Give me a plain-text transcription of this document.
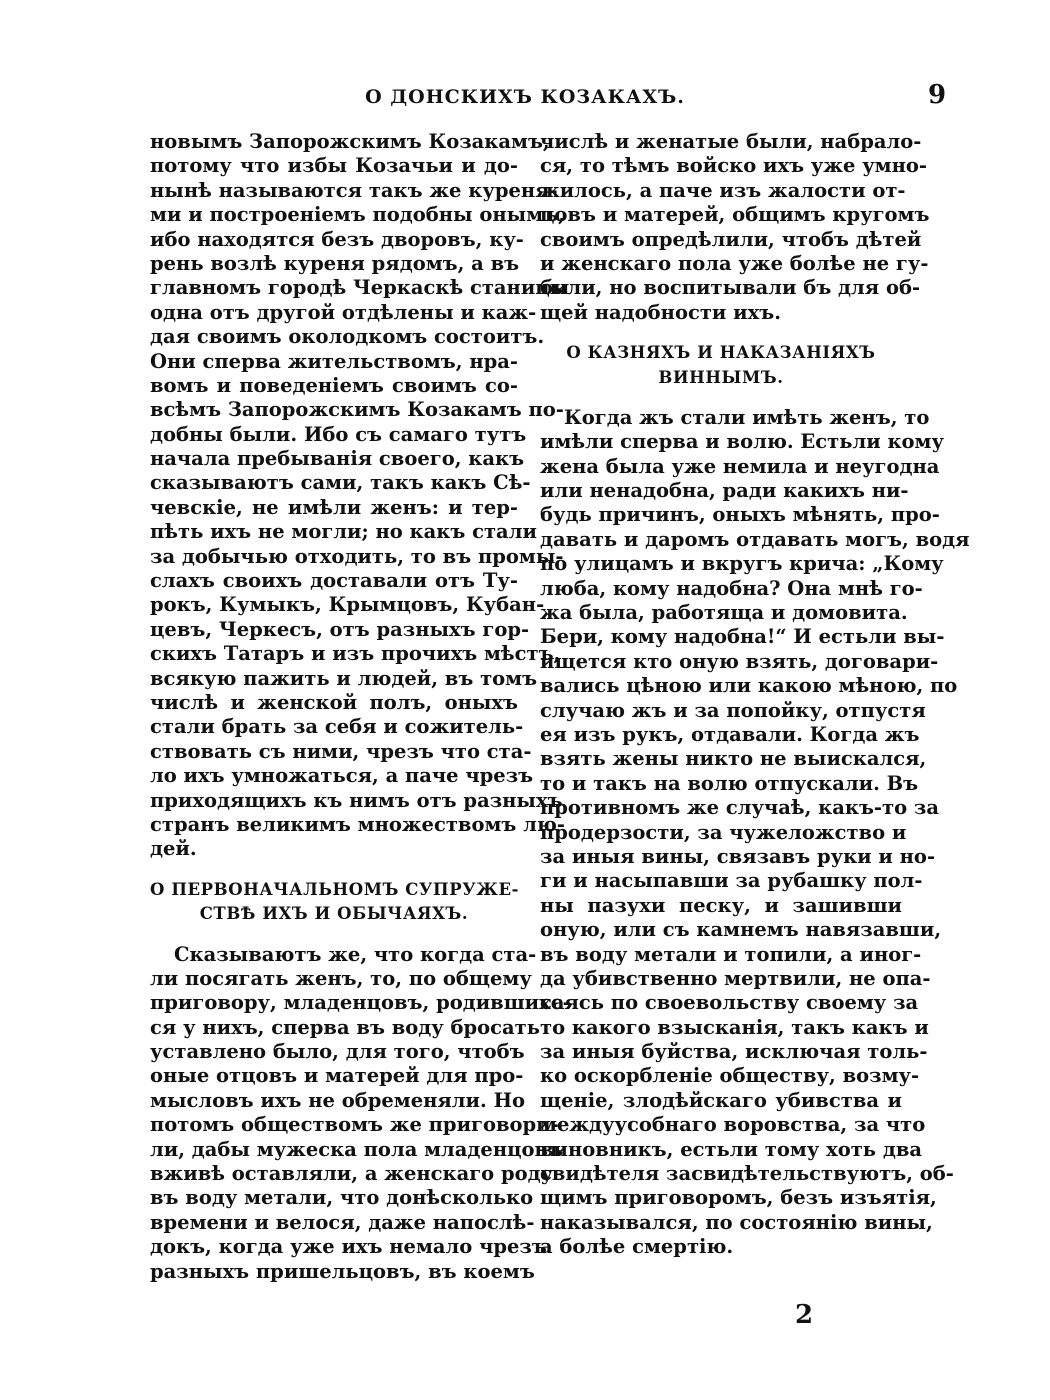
О ДОНСКИХЪ КОЗАКАХЪ.	9
новымъ Запорожскимъ Козакамъ,
потому что избы Козачьи и до-
нынѣ называются такъ же куреня-
ми и построеніемъ подобны онымъ,
ибо находятся безъ дворовъ, ку-
рень возлѣ куреня рядомъ, а въ
главномъ городѣ Черкаскѣ станицы
одна отъ другой отдѣлены и каж-
дая своимъ околодкомъ состоитъ.
Они сперва жительствомъ, нра-
вомъ и поведеніемъ своимъ со-
всѣмъ Запорожскимъ Козакамъ по-
добны были. Ибо съ самаго тутъ
начала пребыванія своего, какъ
сказываютъ сами, такъ какъ Сѣ-
чевскіе, не имѣли женъ: и тер-
пѣть ихъ не могли; но какъ стали
за добычью отходить, то въ промы-
слахъ своихъ доставали отъ Ту-
рокъ, Кумыкъ, Крымцовъ, Кубан-
цевъ, Черкесъ, отъ разныхъ гор-
скихъ Татаръ и изъ прочихъ мѣстъ,
всякую пажить и людей, въ томъ
числѣ и женской полъ, оныхъ
стали брать за себя и сожитель-
ствовать съ ними, чрезъ что ста-
ло ихъ умножаться, а паче чрезъ
приходящихъ къ нимъ отъ разныхъ
странъ великимъ множествомъ лю-
дей.
О ПЕРВОНАЧАЛЬНОМЪ СУПРУЖЕ-
СТВѢ ИХЪ И ОБЫЧАЯХЪ.
Сказываютъ же, что когда ста-
ли посягать женъ, то, по общему
приговору, младенцовъ, родившихс-
ся у нихъ, сперва въ воду бросать
уставлено было, для того, чтобъ
оные отцовъ и матерей для про-
мысловъ ихъ не обременяли. Но
потомъ обществомъ же приговори-
ли, дабы мужеска пола младенцовъ
вживѣ оставляли, а женскаго роду
въ воду метали, что донѣсколько
времени и велося, даже напослѣ-
докъ, когда уже ихъ немало чрезъ
разныхъ пришельцовъ, въ коемъ
числѣ и женатые были, набрало-
ся, то тѣмъ войско ихъ уже умно-
жилось, а паче изъ жалости от-
цовъ и матерей, общимъ кругомъ
своимъ опредѣлили, чтобъ дѣтей
и женскаго пола уже болѣе не гу-
били, но воспитывали бъ для об-
щей надобности ихъ.
О КАЗНЯХЪ И НАКАЗАНІЯХЪ
ВИННЫМЪ.
Когда жъ стали имѣть женъ, то
имѣли сперва и волю. Естьли кому
жена была уже немила и неугодна
или ненадобна, ради какихъ ни-
будь причинъ, оныхъ мѣнять, про-
давать и даромъ отдавать могъ, водя
по улицамъ и вкругъ крича: „Кому
люба, кому надобна? Она мнѣ го-
жа была, работяща и домовита.
Бери, кому надобна!“ И естьли вы-
ищется кто оную взять, договари-
вались цѣною или какою мѣною, по
случаю жъ и за попойку, отпустя
ея изъ рукъ, отдавали. Когда жъ
взять жены никто не выискался,
то и такъ на волю отпускали. Въ
противномъ же случаѣ, какъ-то за
продерзости, за чужеложство и
за иныя вины, связавъ руки и но-
ги и насыпавши за рубашку пол-
ны пазухи песку, и зашивши
оную, или съ камнемъ навязавши,
въ воду метали и топили, а иног-
да убивственно мертвили, не опа-
саясь по своевольству своему за
то какого взысканія, такъ какъ и
за иныя буйства, исключая толь-
ко оскорбленіе обществу, возму-
щеніе, злодѣйскаго убивства и
междуусобнаго воровства, за что
виновникъ, естьли тому хоть два
свидѣтеля засвидѣтельствуютъ, об-
щимъ приговоромъ, безъ изъятія,
наказывался, по состоянію вины,
а болѣе смертію.
2
